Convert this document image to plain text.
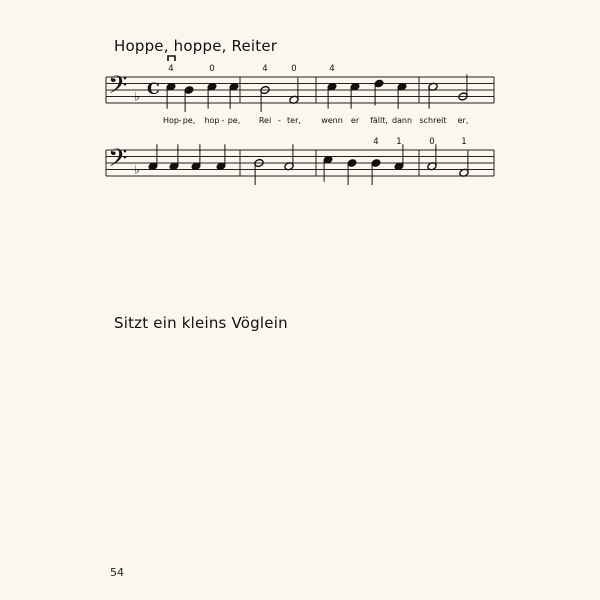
Hoppe, hoppe, Reiter
Sitzt ein kleins Vöglein
𝄢 ♭ C
4	0	4	0	4
Hop - pe, hop - pe, Rei - ter,	wenn er fällt, dann schreit er,
𝄢 ♭
4 1	0	1
54
